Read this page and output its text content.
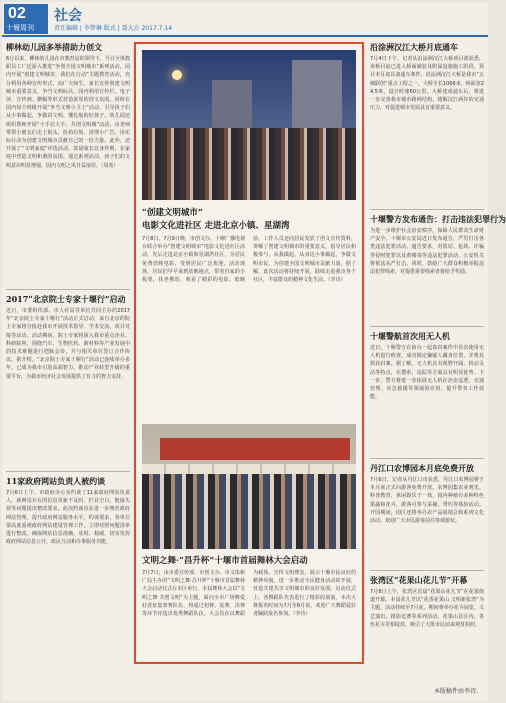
02
十堰周刊
社会
责任编辑 | 李梦琳 版式 | 聂大方 2017.7.14
柳林幼儿园多举措助力创文
6月以来，柳林幼儿园在市教育局的领导下，号召全体教职员工广泛深入推进“争创全国文明城市”系列活动，园内开展“创建文明城市，我们在行动”主题教育活动，充分利用各种宣传形式，向广大师生、家长宣传创建文明城市重要意义，争当文明标兵。园内利用宣传栏、电子屏、宣传画、横幅等形式营造浓厚的创文氛围。同时在园内每个班级开展“争当文明小卫士”活动，引导孩子们从小事做起，争做讲文明、懂礼貌的好孩子。幼儿园还组织教师开展“小手拉大手，共创文明城”活动，由老师带领小朋友们走上街头，捡拾垃圾、清理小广告，用实际行动为创建文明城市贡献自己的一份力量。此外，还开展了“文明家庭”评选活动，鼓励家长以身作则，在家庭中营造文明和谐的氛围。通过系列活动，孩子们的文明意识明显增强，园内文明之风日益浓厚。（周希）
2017“北京院士专家十堰行”启动
近日，市委组织部、市人社局等单位共同主办的2017年“北京院士专家十堰行”活动正式启动，来自北京的院士专家将分批赴我市开展技术指导、学术交流、项目对接等活动。活动期间，院士专家将深入我市重点企业、科研院所，围绕汽车、生物医药、新材料等产业发展中的技术难题进行把脉会诊，并与相关单位签订合作协议。据介绍，“北京院士专家十堰行”活动已连续举办多年，已成为我市引进高端智力、推动产业转型升级的重要平台，为我市经济社会发展提供了有力的智力支持。
11家政府网站负责人被约谈
7月6日上午，市政府办公室约谈了11家政府网站负责人，就网站存在的信息更新不及时、栏目空白、链接失效等问题提出整改要求。此次约谈旨在进一步规范政府网站管理，提升政府网站服务水平。约谈要求，各单位要高度重视政府网站建设管理工作，立即对照问题清单进行整改，确保网站信息准确、及时、权威，切实发挥政府网站信息公开、政民互动和办事服务功能。
“创建文明城市”
电影文化进社区 走进北京小镇、星湖湾
7月8日、7月9日晚，市创文办、十堰广播电视台联合举办“创建文明城市”电影文化进社区活动，先后走进北京小镇和星湖湾社区，为居民免费放映电影，受到居民广泛欢迎。活动现场，居民们早早来到放映地点，带着自家的小板凳，扶老携幼，观看了精彩的电影。放映前，工作人员还向居民发放了创文宣传资料，讲解了创建文明城市的重要意义，倡导居民积极参与，从我做起，从身边小事做起，争做文明市民，为创建全国文明城市贡献力量。据了解，此次活动将持续开展，陆续走进我市各个社区，丰富群众的精神文化生活。（李诗）
文明之舞·“昌升杯”十堰市首届舞林大会启动
7月7日，由市委宣传部、市创文办、市文体新广局主办的“文明之舞·昌升杯”十堰市首届舞林大会启动仪式在市区举行。本届舞林大会以“文明之舞 共创文明”为主题，面向全市广场舞爱好者征集参赛队伍，将通过初赛、复赛、决赛等环节评选出优秀舞蹈队伍。大会旨在以舞蹈为载体，宣传文明理念，展示十堰市民良好的精神风貌，进一步推动全民健身活动的开展，营造共建共享文明城市的良好氛围。启动仪式上，各舞蹈队代表进行了精彩的展演。本次大赛报名时间为7月至8月底，欢迎广大舞蹈爱好者踊跃报名参加。（李诗）
沿涂洲汉江大桥月底通车
7月4日下午，记者从沿涂洲汉江大桥项目部获悉，该桥目前已进入桥面铺装及附属设施施工阶段，预计本月底具备通车条件。沿涂洲汉江大桥是我市“五城联创”重点工程之一，大桥全长1066米，桥面宽24.5米，设计时速60公里。大桥建成通车后，将进一步完善我市城市路网结构，缓解汉江两岸的交通压力，对促进城市发展具有重要意义。
十堰警方发布通告：打击违法犯罪行为
为进一步维护社会治安秩序，保障人民群众生命财产安全，十堰市公安局近日发布通告，严厉打击各类违法犯罪活动。通告要求，对盗窃、抢劫、诈骗等侵财犯罪以及黄赌毒等违法犯罪活动，公安机关将依法从严打击。同时，鼓励广大群众积极举报违法犯罪线索，对提供重要线索者将给予奖励。
十堰警航首次用无人机
近日，十堰警方在侦办一起盗窃案件中首次使用无人机进行侦查，成功锁定嫌疑人藏身位置，并将其抓获归案。据了解，无人机具有视野开阔、机动灵活等特点，在搜索、追踪等方面具有明显优势。下一步，警方将进一步拓展无人机在治安巡逻、交通管理、应急救援等领域的应用，提升警务工作效能。
丹江口农博园本月底免费开放
7月6日，记者从丹江口市获悉，丹江口农博园将于本月底正式向游客免费开放。农博园集农业观光、科普教育、休闲娱乐于一体，园内种植有多种特色果蔬和花卉，游客可参与采摘、垂钓等体验活动。开园期间，园区还将举办农产品展销会和系列文化活动，欢迎广大市民游客前往参观游玩。
张湾区“花果山花儿节”开幕
7月8日上午，张湾区首届“花果山花儿节”在花果街道开幕。本届花儿节以“花香花果山 文明新张湾”为主题，活动持续至7月底，期间将举办花卉展览、文艺演出、摄影比赛等系列活动。花果山景区内，各色花卉竞相绽放，吸引了大批市民前来观赏拍照。
本版稿件由李诗、
